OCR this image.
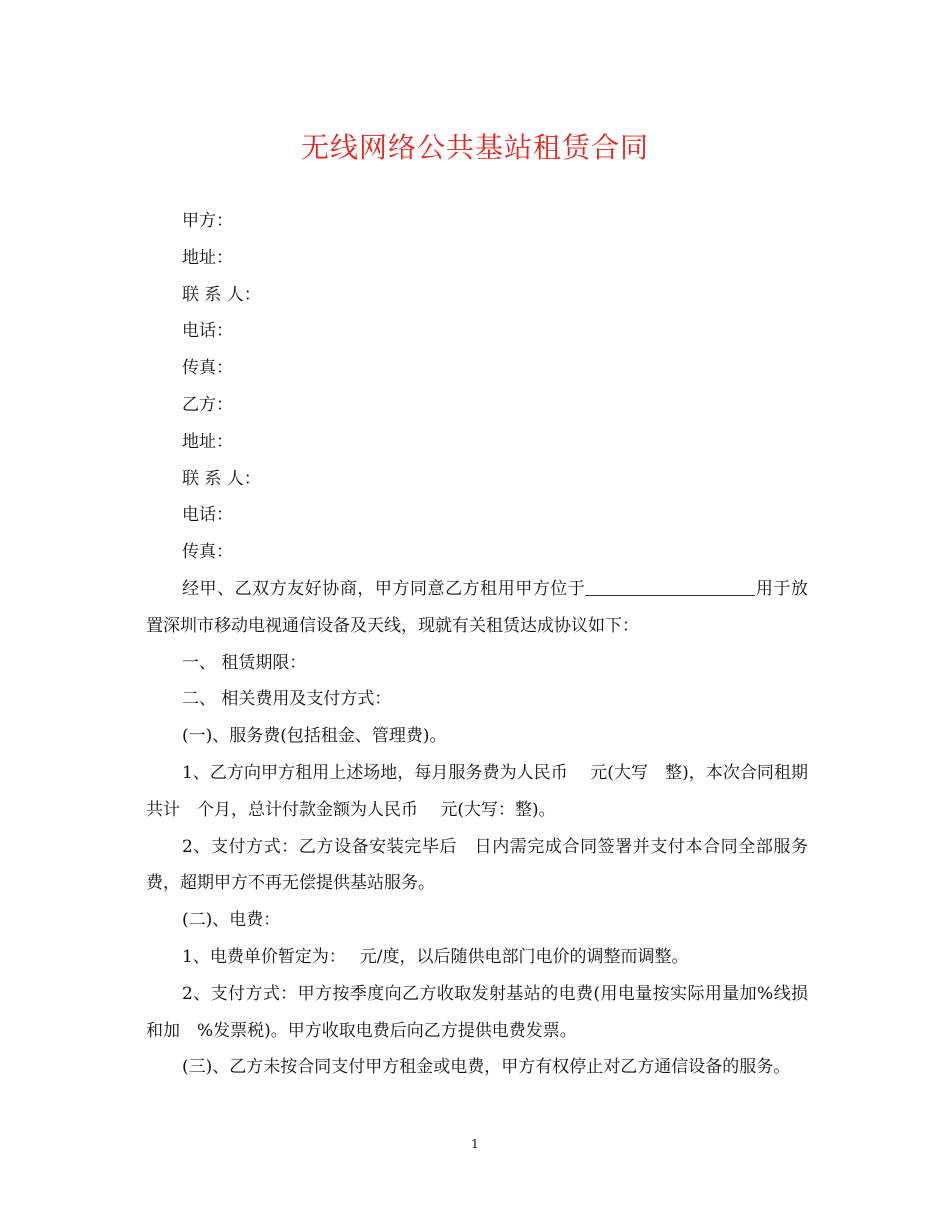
无线网络公共基站租赁合同

甲方：

地址：

联 系 人：

电话：

传真：

乙方：

地址：

联 系 人：

电话：

传真：

经甲、乙双方友好协商，甲方同意乙方租用甲方位于	用于放置深圳市移动电视通信设备及天线，现就有关租赁达成协议如下：

一、 租赁期限：

二、 相关费用及支付方式：

(一)、服务费(包括租金、管理费)。

1、乙方向甲方租用上述场地，每月服务费为人民币　 元(大写　整)，本次合同租期共计　个月，总计付款金额为人民币　 元(大写：整)。

2、支付方式：乙方设备安装完毕后　日内需完成合同签署并支付本合同全部服务费，超期甲方不再无偿提供基站服务。

(二)、电费：

1、电费单价暂定为：　 元/度，以后随供电部门电价的调整而调整。

2、支付方式：甲方按季度向乙方收取发射基站的电费(用电量按实际用量加%线损和加　%发票税)。甲方收取电费后向乙方提供电费发票。

(三)、乙方未按合同支付甲方租金或电费，甲方有权停止对乙方通信设备的服务。

1
